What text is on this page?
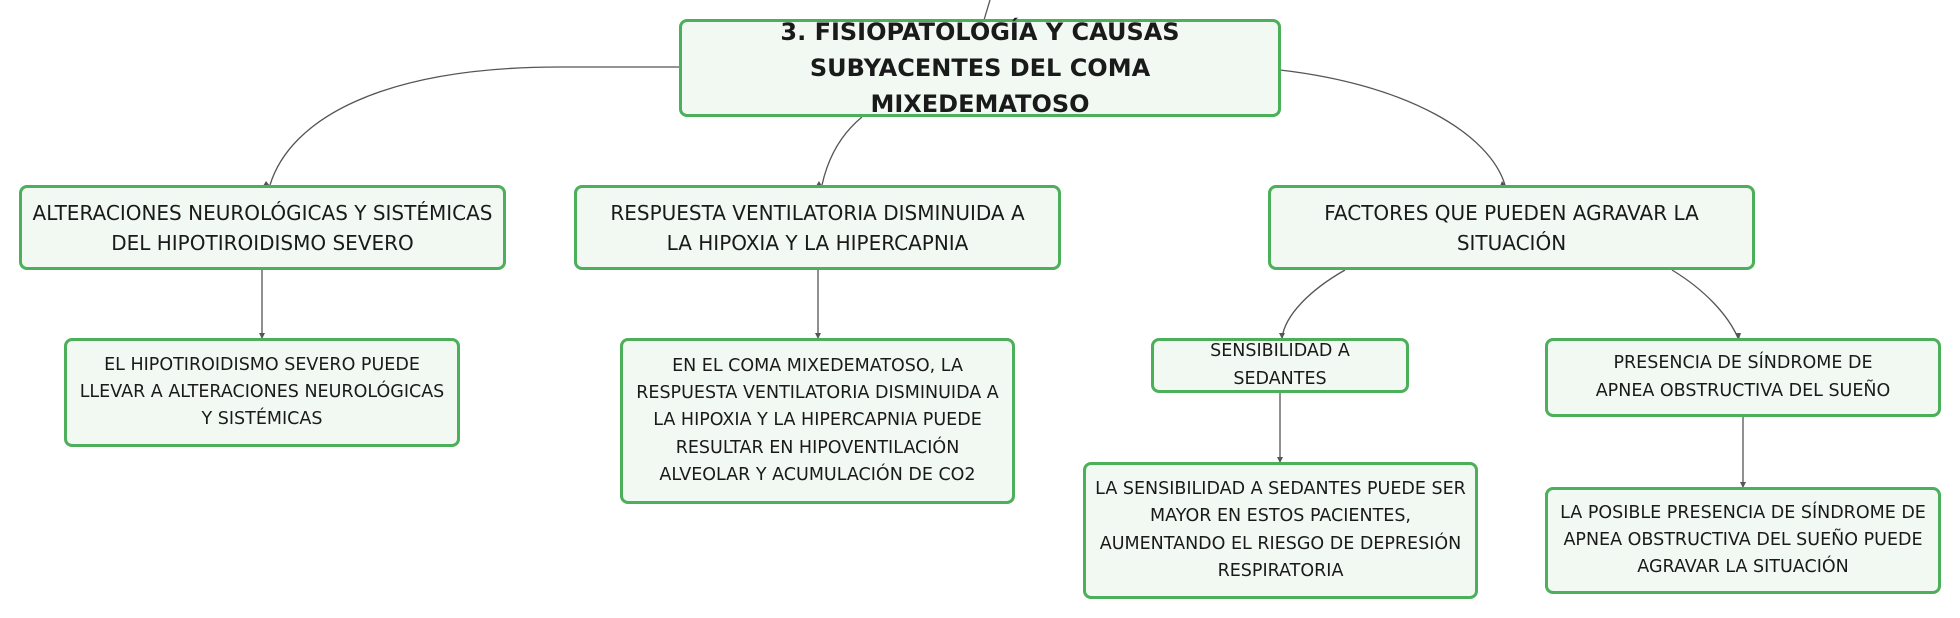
3. FISIOPATOLOGÍA Y CAUSAS SUBYACENTES DEL COMA MIXEDEMATOSO
ALTERACIONES NEUROLÓGICAS Y SISTÉMICAS DEL HIPOTIROIDISMO SEVERO
RESPUESTA VENTILATORIA DISMINUIDA A LA HIPOXIA Y LA HIPERCAPNIA
FACTORES QUE PUEDEN AGRAVAR LA SITUACIÓN
EL HIPOTIROIDISMO SEVERO PUEDE LLEVAR A ALTERACIONES NEUROLÓGICAS Y SISTÉMICAS
EN EL COMA MIXEDEMATOSO, LA RESPUESTA VENTILATORIA DISMINUIDA A LA HIPOXIA Y LA HIPERCAPNIA PUEDE RESULTAR EN HIPOVENTILACIÓN ALVEOLAR Y ACUMULACIÓN DE CO2
SENSIBILIDAD A SEDANTES
PRESENCIA DE SÍNDROME DE APNEA OBSTRUCTIVA DEL SUEÑO
LA SENSIBILIDAD A SEDANTES PUEDE SER MAYOR EN ESTOS PACIENTES, AUMENTANDO EL RIESGO DE DEPRESIÓN RESPIRATORIA
LA POSIBLE PRESENCIA DE SÍNDROME DE APNEA OBSTRUCTIVA DEL SUEÑO PUEDE AGRAVAR LA SITUACIÓN
